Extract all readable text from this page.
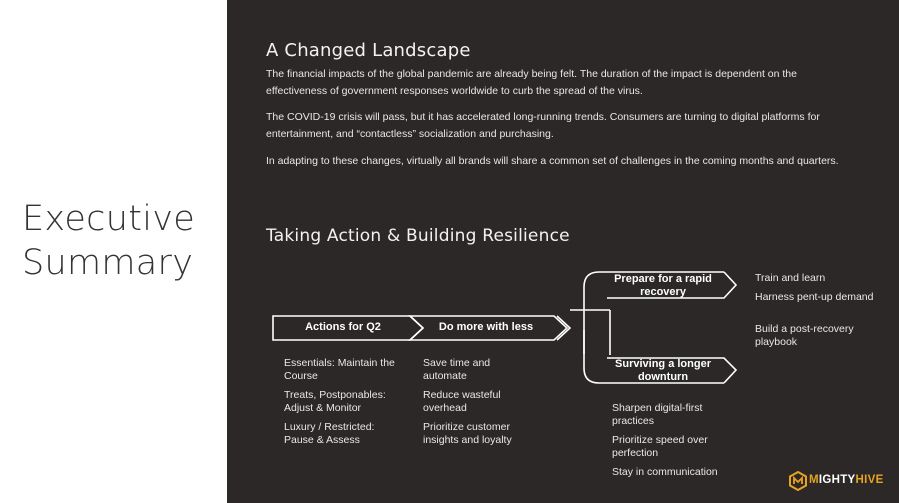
Executive
Summary
A Changed Landscape

The financial impacts of the global pandemic are already being felt. The duration of the impact is dependent on the effectiveness of government responses worldwide to curb the spread of the virus.

The COVID-19 crisis will pass, but it has accelerated long-running trends. Consumers are turning to digital platforms for entertainment, and “contactless” socialization and purchasing.

In adapting to these changes, virtually all brands will share a common set of challenges in the coming months and quarters.

Taking Action & Building Resilience
Actions for Q2	Do more with less
Prepare for a rapid recovery
Surviving a longer downturn
Essentials: Maintain the Course
Treats, Postponables: Adjust & Monitor
Luxury / Restricted: Pause & Assess
Save time and automate
Reduce wasteful overhead
Prioritize customer insights and loyalty
Train and learn
Harness pent-up demand
Build a post-recovery playbook
Sharpen digital-first practices
Prioritize speed over perfection
Stay in communication
MIGHTYHIVE
